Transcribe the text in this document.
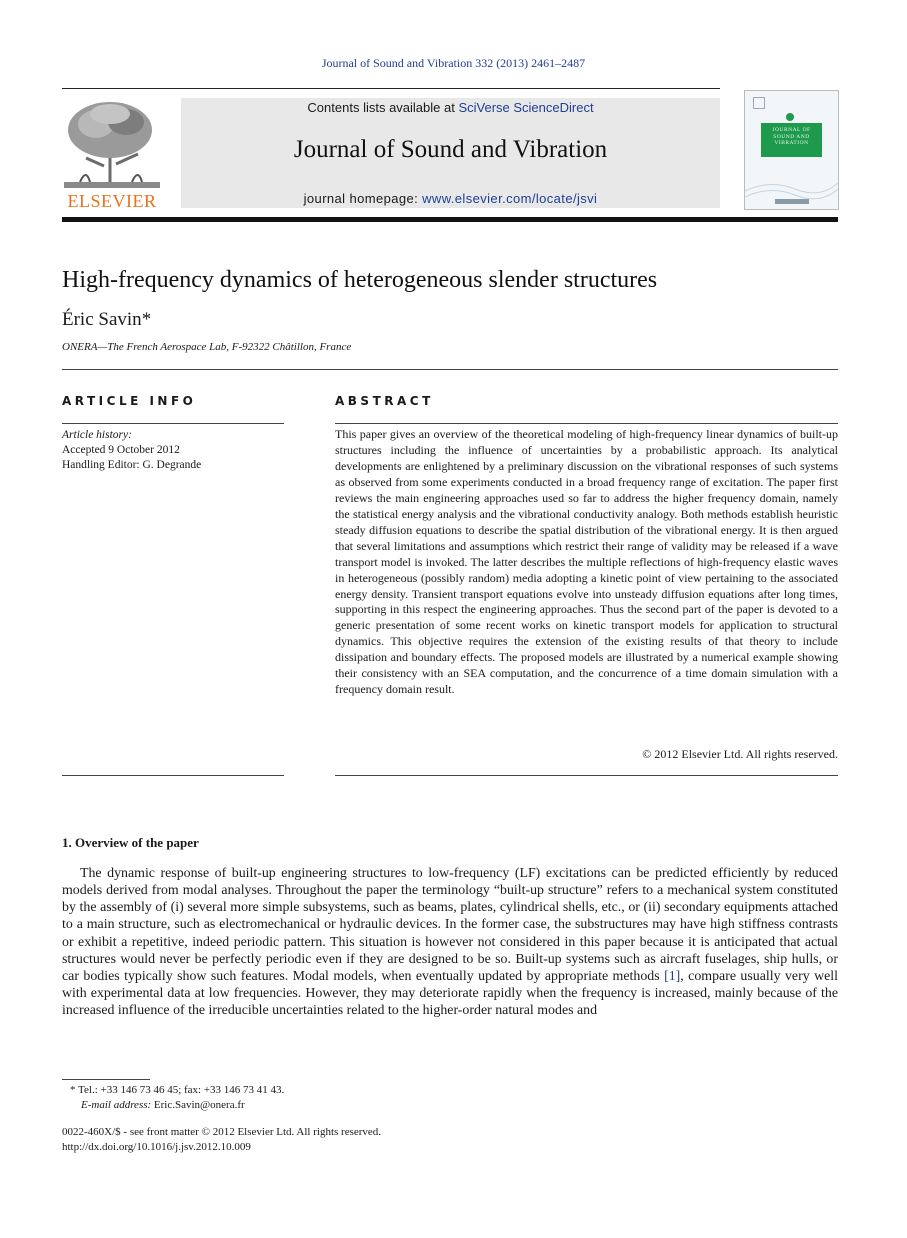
Journal of Sound and Vibration 332 (2013) 2461–2487
ELSEVIER
Contents lists available at SciVerse ScienceDirect
Journal of Sound and Vibration
journal homepage: www.elsevier.com/locate/jsvi
JOURNAL OF SOUND AND VIBRATION
High-frequency dynamics of heterogeneous slender structures
Éric Savin*
ONERA—The French Aerospace Lab, F-92322 Châtillon, France
ARTICLE INFO	ABSTRACT
Article history:
Accepted 9 October 2012
Handling Editor: G. Degrande
This paper gives an overview of the theoretical modeling of high-frequency linear dynamics of built-up structures including the influence of uncertainties by a probabilistic approach. Its analytical developments are enlightened by a preliminary discussion on the vibrational responses of such systems as observed from some experiments conducted in a broad frequency range of excitation. The paper first reviews the main engineering approaches used so far to address the higher frequency domain, namely the statistical energy analysis and the vibrational conductivity analogy. Both methods establish heuristic steady diffusion equations to describe the spatial distribution of the vibrational energy. It is then argued that several limitations and assumptions which restrict their range of validity may be released if a wave transport model is invoked. The latter describes the multiple reflections of high-frequency elastic waves in heterogeneous (possibly random) media adopting a kinetic point of view pertaining to the associated energy density. Transient transport equations evolve into unsteady diffusion equations after long times, supporting in this respect the engineering approaches. Thus the second part of the paper is devoted to a generic presentation of some recent works on kinetic transport models for application to structural dynamics. This objective requires the extension of the existing results of that theory to include dissipation and boundary effects. The proposed models are illustrated by a numerical example showing their consistency with an SEA computation, and the concurrence of a time domain simulation with a frequency domain result.
© 2012 Elsevier Ltd. All rights reserved.
1. Overview of the paper
The dynamic response of built-up engineering structures to low-frequency (LF) excitations can be predicted efficiently by reduced models derived from modal analyses. Throughout the paper the terminology “built-up structure” refers to a mechanical system constituted by the assembly of (i) several more simple subsystems, such as beams, plates, cylindrical shells, etc., or (ii) secondary equipments attached to a main structure, such as electromechanical or hydraulic devices. In the former case, the substructures may have high stiffness contrasts or exhibit a repetitive, indeed periodic pattern. This situation is however not considered in this paper because it is anticipated that actual structures would never be perfectly periodic even if they are designed to be so. Built-up systems such as aircraft fuselages, ship hulls, or car bodies typically show such features. Modal models, when eventually updated by appropriate methods [1], compare usually very well with experimental data at low frequencies. However, they may deteriorate rapidly when the frequency is increased, mainly because of the increased influence of the irreducible uncertainties related to the higher-order natural modes and
* Tel.: +33 146 73 46 45; fax: +33 146 73 41 43.
E-mail address: Eric.Savin@onera.fr
0022-460X/$ - see front matter © 2012 Elsevier Ltd. All rights reserved.
http://dx.doi.org/10.1016/j.jsv.2012.10.009
